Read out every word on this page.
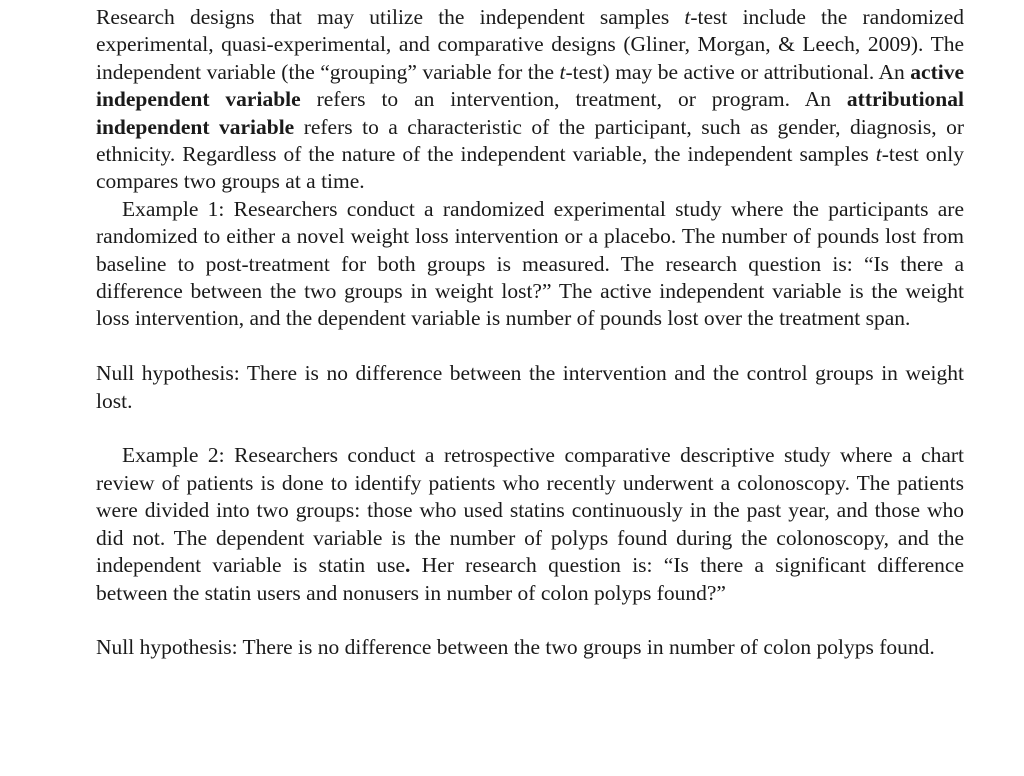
Research designs that may utilize the independent samples t-test include the randomized experimental, quasi-experimental, and comparative designs (Gliner, Morgan, & Leech, 2009). The independent variable (the “grouping” variable for the t-test) may be active or attributional. An active independent variable refers to an intervention, treatment, or program. An attributional independent variable refers to a characteristic of the participant, such as gender, diagnosis, or ethnicity. Regardless of the nature of the independent variable, the independent samples t-test only compares two groups at a time.

Example 1: Researchers conduct a randomized experimental study where the participants are randomized to either a novel weight loss intervention or a placebo. The number of pounds lost from baseline to post-treatment for both groups is measured. The research question is: “Is there a difference between the two groups in weight lost?” The active independent variable is the weight loss intervention, and the dependent variable is number of pounds lost over the treatment span.

Null hypothesis: There is no difference between the intervention and the control groups in weight lost.

Example 2: Researchers conduct a retrospective comparative descriptive study where a chart review of patients is done to identify patients who recently underwent a colonoscopy. The patients were divided into two groups: those who used statins continuously in the past year, and those who did not. The dependent variable is the number of polyps found during the colonoscopy, and the independent variable is statin use. Her research question is: “Is there a significant difference between the statin users and nonusers in number of colon polyps found?”

Null hypothesis: There is no difference between the two groups in number of colon polyps found.
